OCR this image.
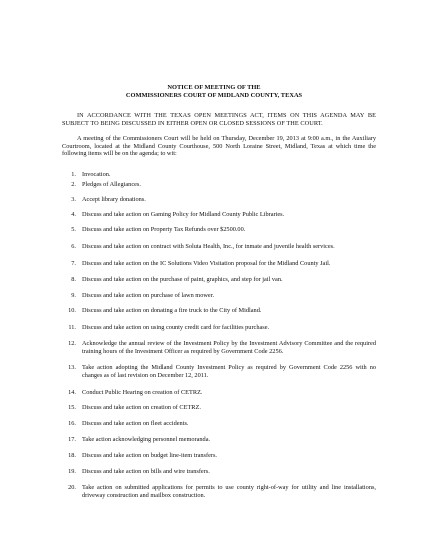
NOTICE OF MEETING OF THE
COMMISSIONERS COURT OF MIDLAND COUNTY, TEXAS
IN ACCORDANCE WITH THE TEXAS OPEN MEETINGS ACT, ITEMS ON THIS AGENDA MAY BE SUBJECT TO BEING DISCUSSED IN EITHER OPEN OR CLOSED SESSIONS OF THE COURT.
A meeting of the Commissioners Court will be held on Thursday, December 19, 2013 at 9:00 a.m., in the Auxiliary Courtroom, located at the Midland County Courthouse, 500 North Loraine Street, Midland, Texas at which time the following items will be on the agenda; to wit:
1. Invocation.
2. Pledges of Allegiances.
3. Accept library donations.
4. Discuss and take action on Gaming Policy for Midland County Public Libraries.
5. Discuss and take action on Property Tax Refunds over $2500.00.
6. Discuss and take action on contract with Soluta Health, Inc., for inmate and juvenile health services.
7. Discuss and take action on the IC Solutions Video Visitation proposal for the Midland County Jail.
8. Discuss and take action on the purchase of paint, graphics, and step for jail van.
9. Discuss and take action on purchase of lawn mower.
10. Discuss and take action on donating a fire truck to the City of Midland.
11. Discuss and take action on using county credit card for facilities purchase.
12. Acknowledge the annual review of the Investment Policy by the Investment Advisory Committee and the required training hours of the Investment Officer as required by Government Code 2256.
13. Take action adopting the Midland County Investment Policy as required by Government Code 2256 with no changes as of last revision on December 12, 2011.
14. Conduct Public Hearing on creation of CETRZ.
15. Discuss and take action on creation of CETRZ.
16. Discuss and take action on fleet accidents.
17. Take action acknowledging personnel memoranda.
18. Discuss and take action on budget line-item transfers.
19. Discuss and take action on bills and wire transfers.
20. Take action on submitted applications for permits to use county right-of-way for utility and line installations, driveway construction and mailbox construction.
